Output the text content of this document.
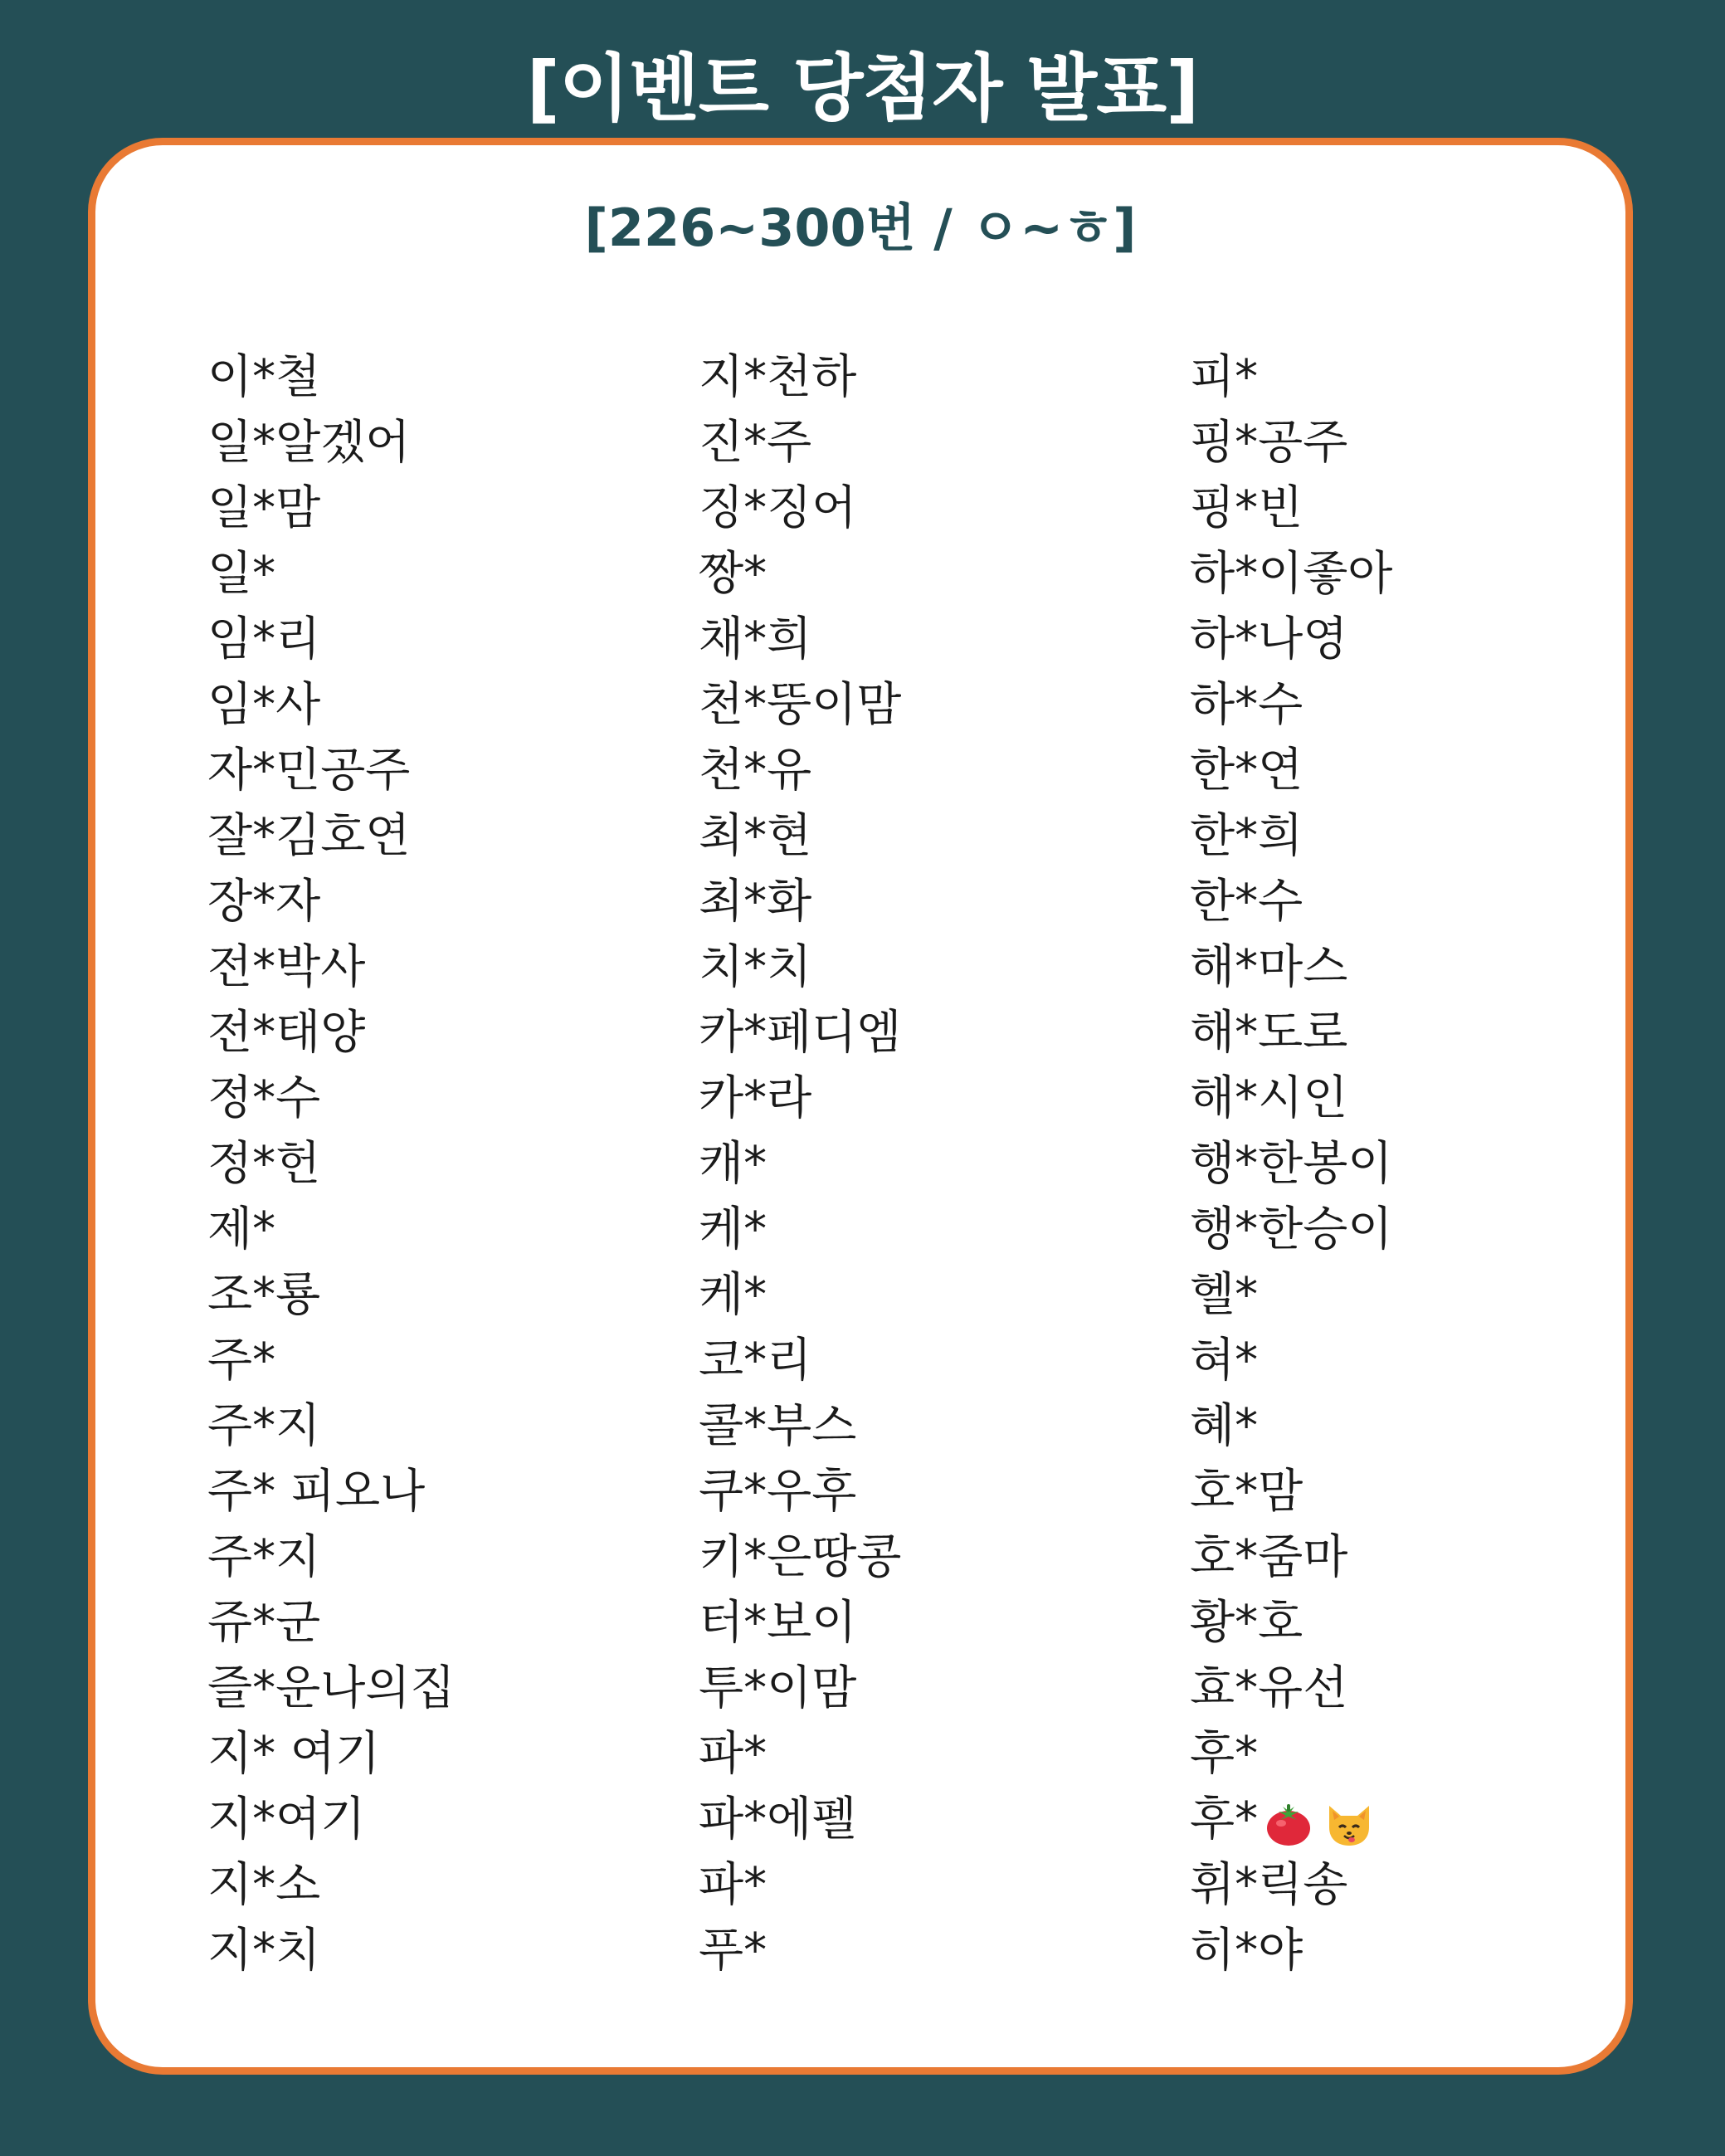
[이벤트 당첨자 발표]
[226~300번 / ㅇ~ㅎ]
이*철
일*알겠어
일*맘
일*
임*리
임*사
자*민공주
잘*김호연
장*자
전*박사
전*태양
정*수
정*헌
제*
조*룡
주*
주*지
주* 피오나
주*지
쥬*군
즐*운나의집
지* 여기
지*여기
지*소
지*치
지*천하
진*주
징*징어
짱*
채*희
천*뚱이맘
천*유
최*현
최*화
치*치
카*페디엠
카*라
캐*
케*
케*
코*리
콜*부스
쿠*우후
키*은땅콩
터*보이
투*이맘
파*
파*에펠
파*
푸*
피*
핑*공주
핑*빈
하*이좋아
하*나영
하*수
한*연
한*희
한*수
해*마스
해*도로
해*시인
행*한봉이
행*한승이
헬*
혀*
혜*
호*맘
호*줌마
황*호
효*유선
후*
후*
휘*릭송
히*야
